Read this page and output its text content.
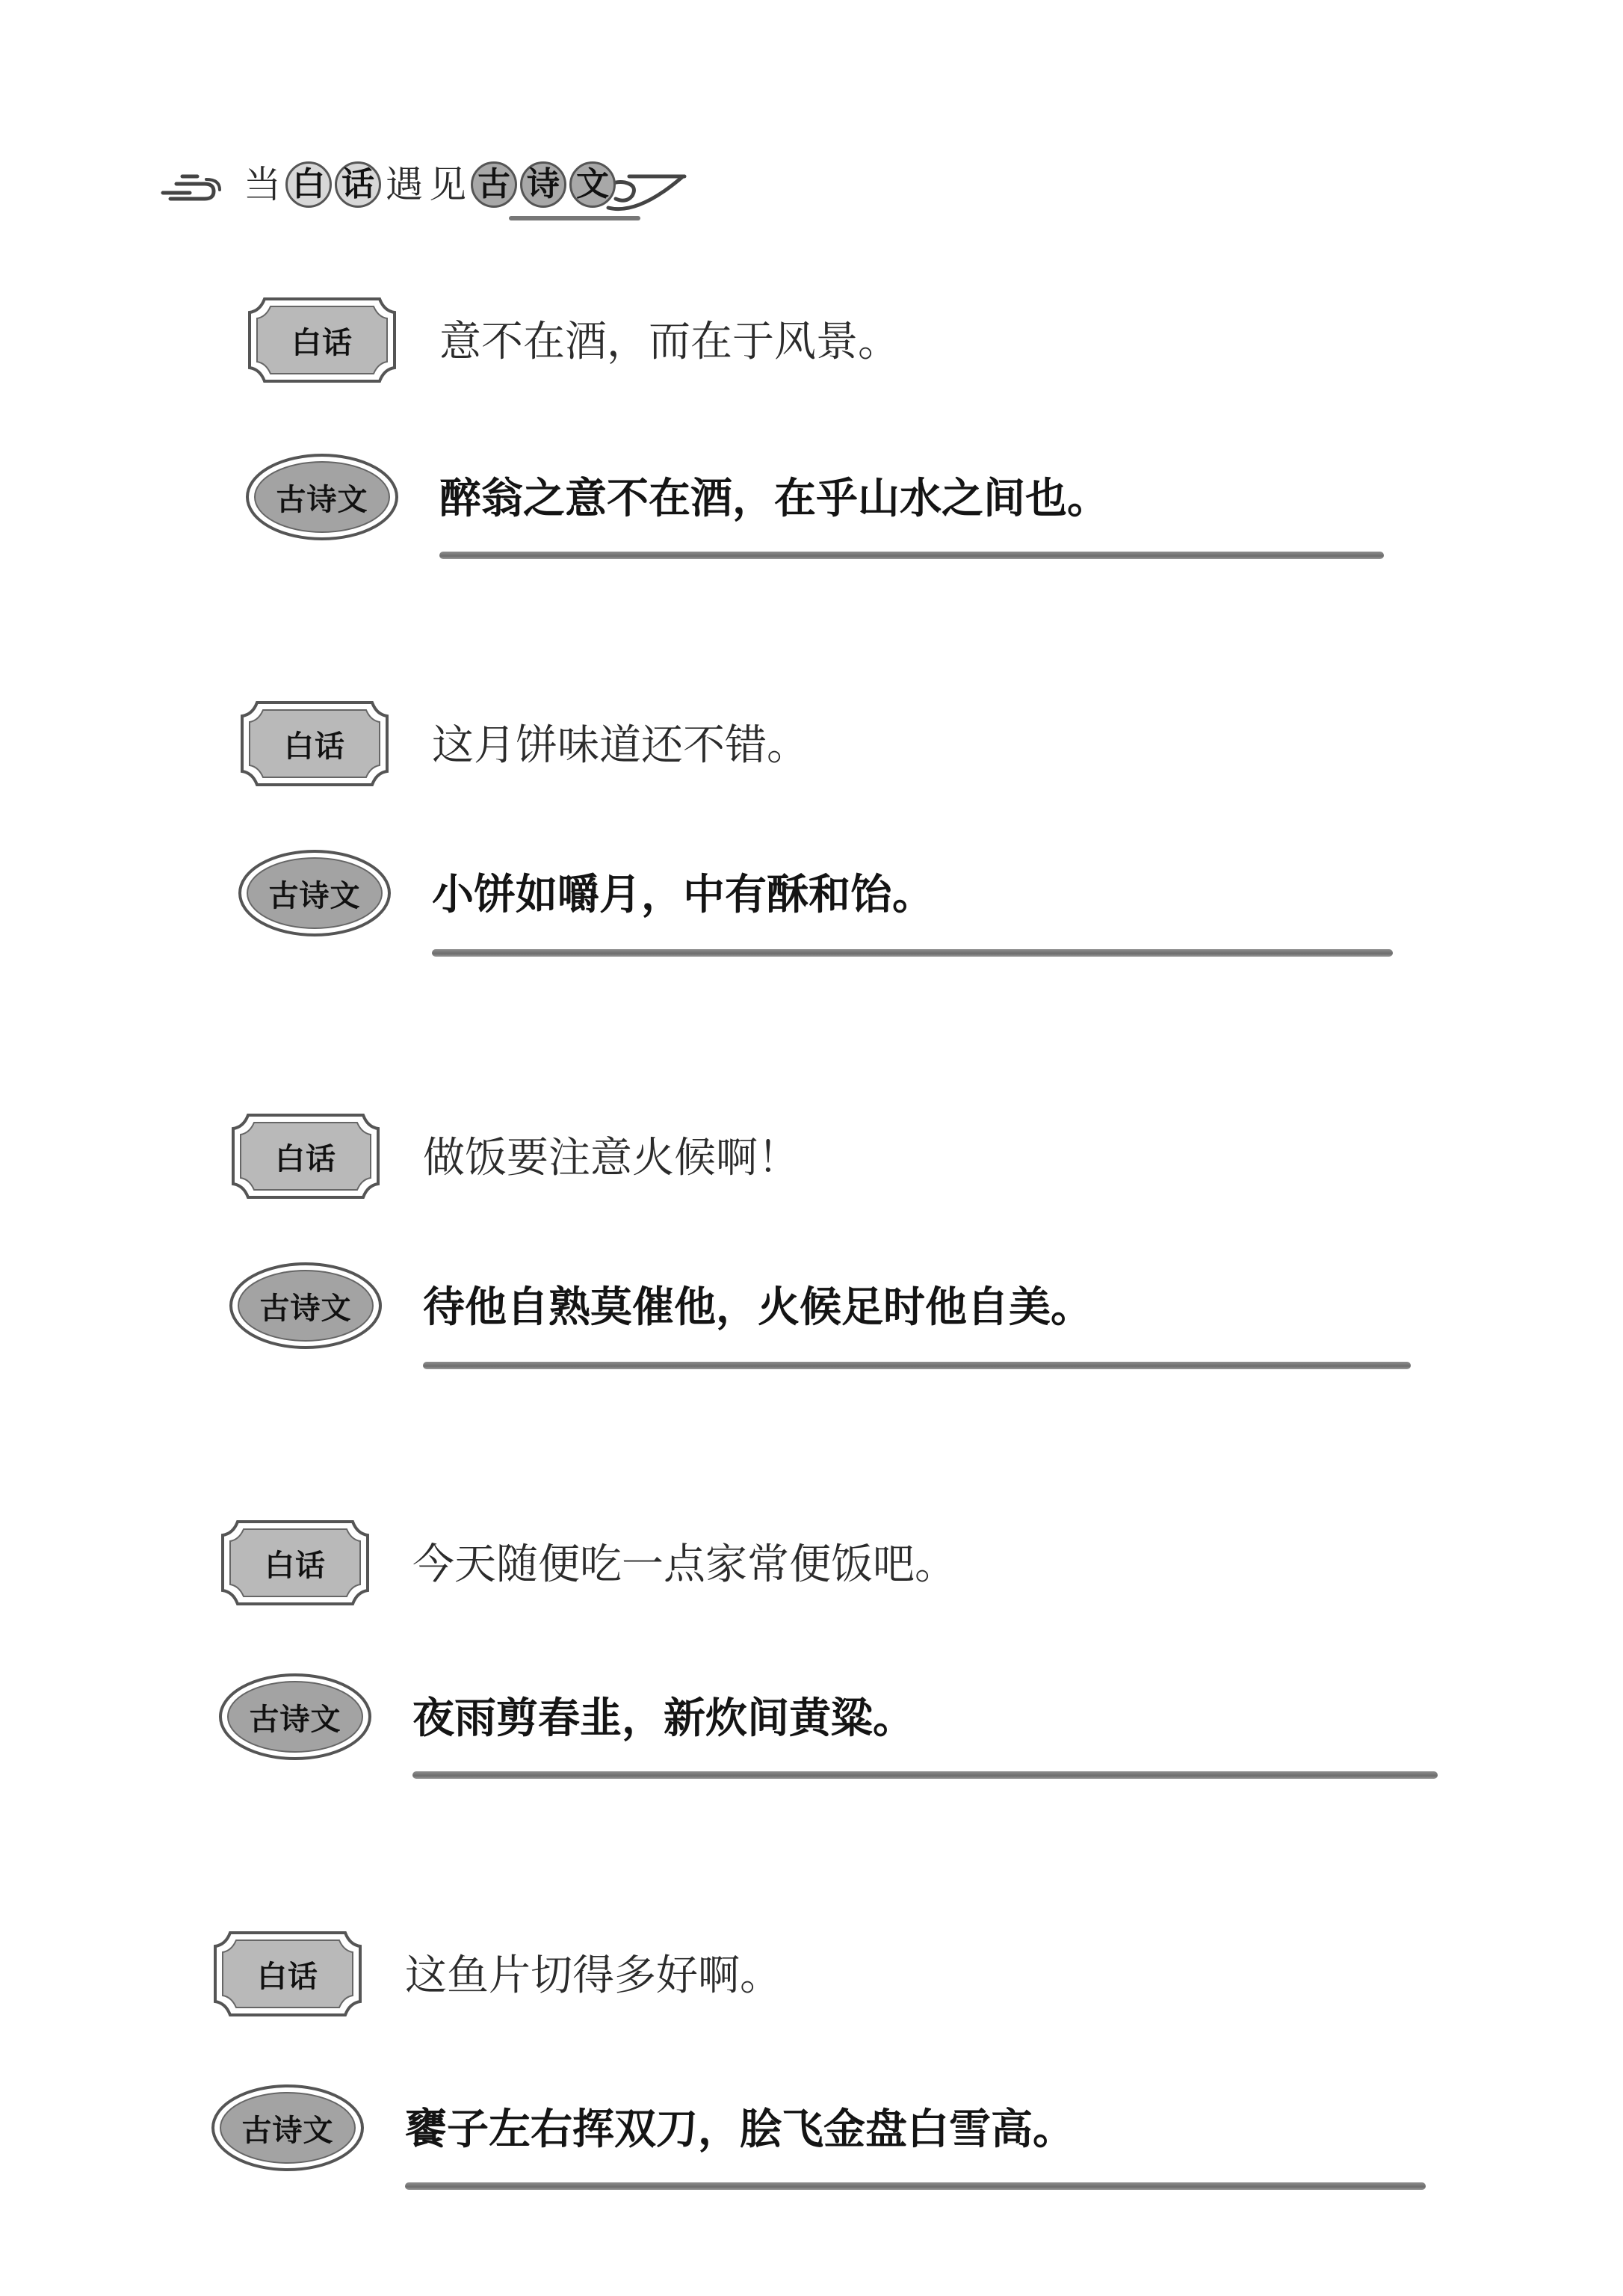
当 白 话 遇 见 古 诗 文
白话	意不在酒，而在于风景。
古诗文	醉翁之意不在酒，在乎山水之间也。
白话	这月饼味道还不错。
古诗文	小饼如嚼月，中有酥和饴。
白话	做饭要注意火候啊！
古诗文	待他自熟莫催他，火候足时他自美。
白话	今天随便吃一点家常便饭吧。
古诗文	夜雨剪春韭，新炊间黄粱。
白话	这鱼片切得多好啊。
古诗文	饔子左右挥双刀，脍飞金盘白雪高。
